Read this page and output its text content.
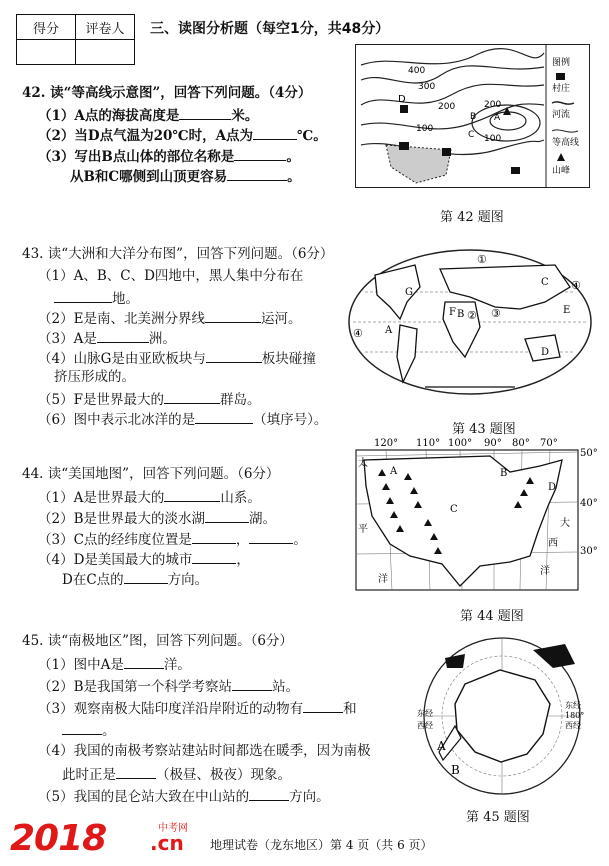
得分	评卷人
	三、读图分析题（每空1分，共48分）
42. 读“等高线示意图”，回答下列问题。（4分）
（1）A点的海拔高度是	米。
（2）当D点气温为20℃时，A点为	℃。
（3）写出B点山体的部位名称是	。
从B和C哪侧到山顶更容易	。
D
A
B
C
400
300
200
100
200
100
图例
村庄
河流
等高线
山峰
第 42 题图
43. 读“大洲和大洋分布图”，回答下列问题。（6分）
（1）A、B、C、D四地中，黑人集中分布在
地。
（2）E是南、北美洲分界线	运河。
（3）A是	洲。
（4）山脉G是由亚欧板块与	板块碰撞
挤压形成的。
（5）F是世界最大的	群岛。
（6）图中表示北冰洋的是	（填序号）。
①
② ③
④
④
A
B
C
D
E
F
G
第 43 题图
44. 读“美国地图”，回答下列问题。（6分）
（1）A是世界最大的	山系。
（2）B是世界最大的淡水湖	湖。
（3）C点的经纬度位置是	，	。
（4）D是美国最大的城市	，
D在C点的	方向。
120° 110° 100° 90° 80° 70°
50°
40°
30°
太
平
洋
大
西
洋
A	B
C
D
第 44 题图
45. 读“南极地区”图，回答下列问题。（6分）
（1）图中A是	洋。
（2）B是我国第一个科学考察站	站。
（3）观察南极大陆印度洋沿岸附近的动物有	和
。
（4）我国的南极考察站建站时间都选在暖季，因为南极
此时正是	（极昼、极夜）现象。
（5）我国的昆仑站大致在中山站的	方向。
东经
西经
东经
西经
180°
A
B
第 45 题图
2018	中考网
.cn 地理试卷（龙东地区）第 4 页（共 6 页）
